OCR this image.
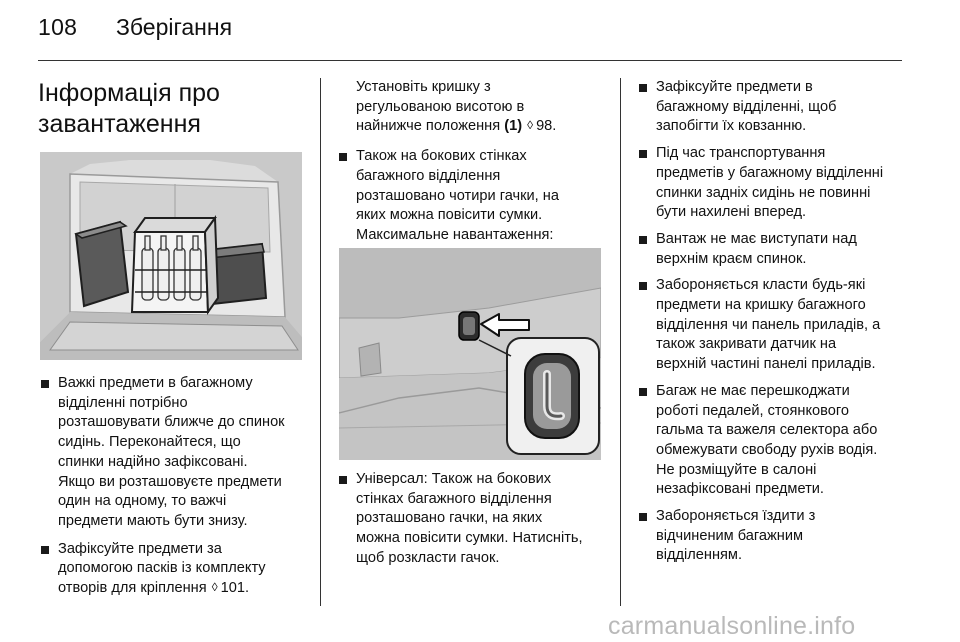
108 Зберігання
Інформація про
завантаження
Важкі предмети в багажному
відділенні потрібно
розташовувати ближче до спинок
сидінь. Переконайтеся, що
спинки надійно зафіксовані.
Якщо ви розташовуєте предмети
один на одному, то важчі
предмети мають бути знизу.
Зафіксуйте предмети за
допомогою пасків із комплекту
отворів для кріплення ◊ 101.
Установіть кришку з
регульованою висотою в
найнижче положення (1) ◊ 98.
Також на бокових стінках
багажного відділення
розташовано чотири гачки, на
яких можна повісити сумки.
Максимальне навантаження:
Універсал: Також на бокових
стінках багажного відділення
розташовано гачки, на яких
можна повісити сумки. Натисніть,
щоб розкласти гачок.
Зафіксуйте предмети в
багажному відділенні, щоб
запобігти їх ковзанню.
Під час транспортування
предметів у багажному відділенні
спинки задніх сидінь не повинні
бути нахилені вперед.
Вантаж не має виступати над
верхнім краєм спинок.
Забороняється класти будь-які
предмети на кришку багажного
відділення чи панель приладів, а
також закривати датчик на
верхній частині панелі приладів.
Багаж не має перешкоджати
роботі педалей, стоянкового
гальма та важеля селектора або
обмежувати свободу рухів водія.
Не розміщуйте в салоні
незафіксовані предмети.
Забороняється їздити з
відчиненим багажним
відділенням.
carmanualsonline.info
